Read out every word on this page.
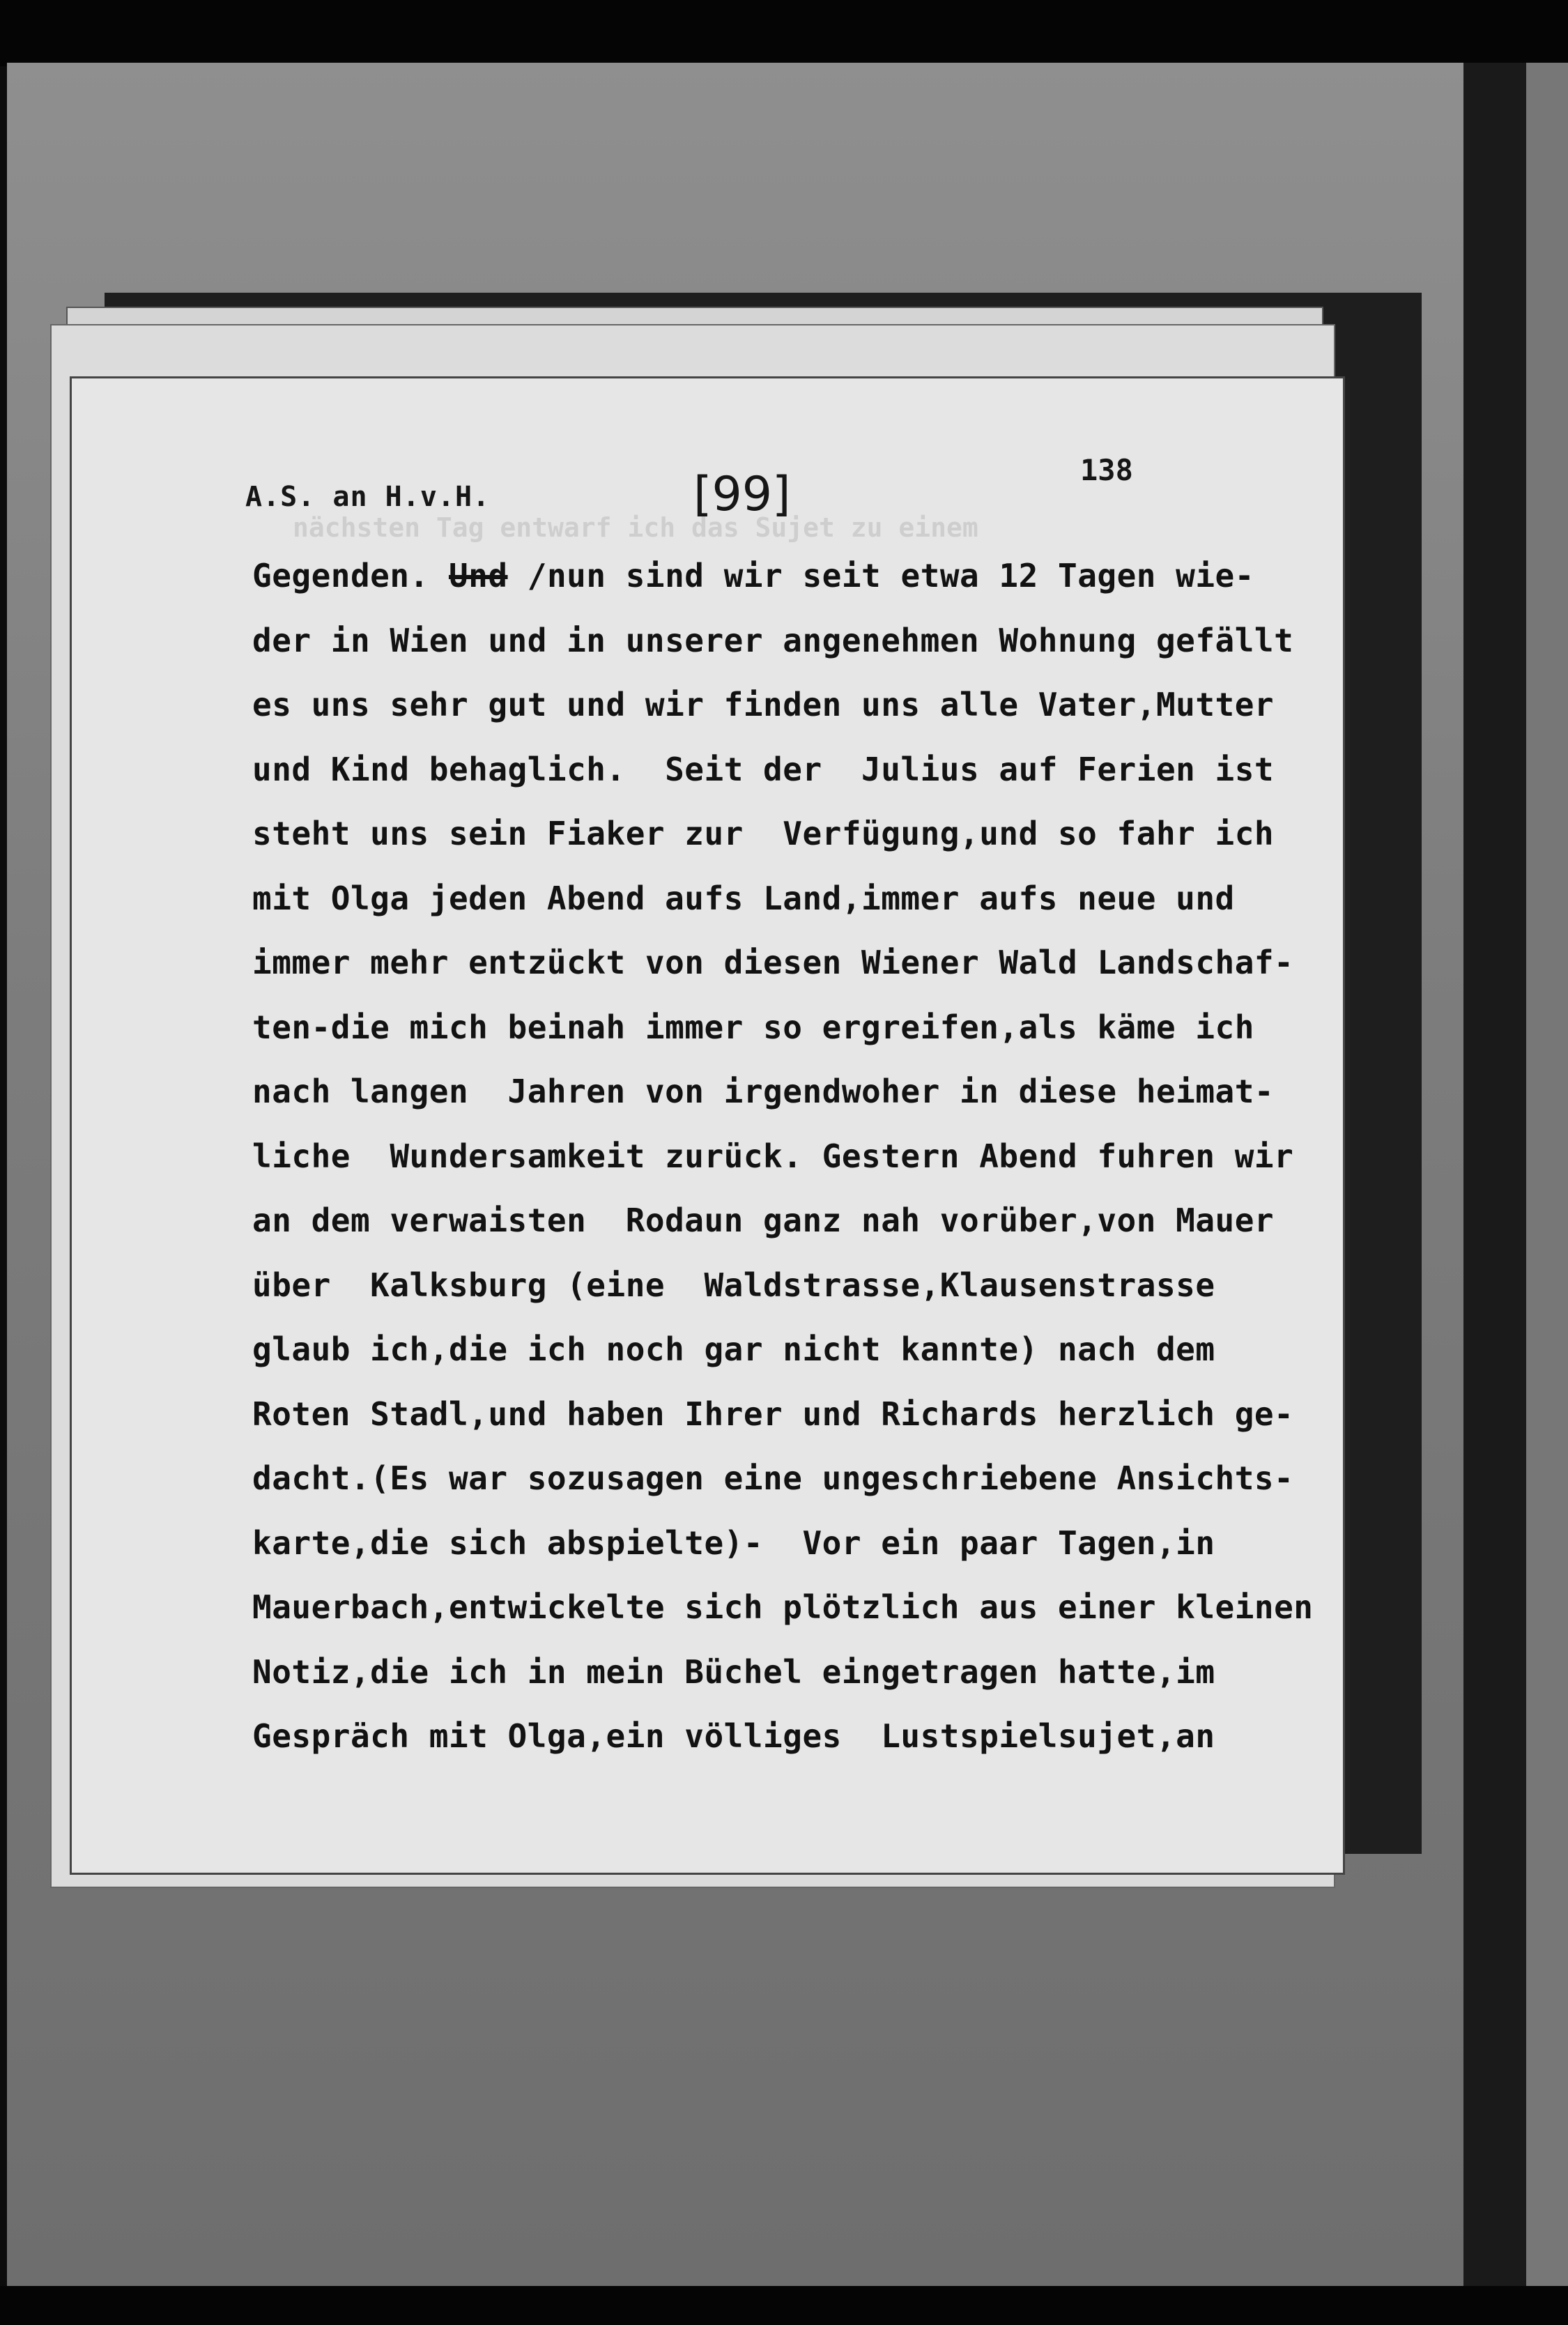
nächsten Tag entwarf ich das Sujet zu einem
A.S. an H.v.H.	[99]	138
Gegenden. Und /nun sind wir seit etwa 12 Tagen wie-
der in Wien und in unserer angenehmen Wohnung gefällt
es uns sehr gut und wir finden uns alle Vater,Mutter
und Kind behaglich.  Seit der  Julius auf Ferien ist
steht uns sein Fiaker zur  Verfügung,und so fahr ich
mit Olga jeden Abend aufs Land,immer aufs neue und
immer mehr entzückt von diesen Wiener Wald Landschaf-
ten-die mich beinah immer so ergreifen,als käme ich
nach langen  Jahren von irgendwoher in diese heimat-
liche  Wundersamkeit zurück. Gestern Abend fuhren wir
an dem verwaisten  Rodaun ganz nah vorüber,von Mauer
über  Kalksburg (eine  Waldstrasse,Klausenstrasse
glaub ich,die ich noch gar nicht kannte) nach dem
Roten Stadl,und haben Ihrer und Richards herzlich ge-
dacht.(Es war sozusagen eine ungeschriebene Ansichts-
karte,die sich abspielte)-  Vor ein paar Tagen,in
Mauerbach,entwickelte sich plötzlich aus einer kleinen
Notiz,die ich in mein Büchel eingetragen hatte,im
Gespräch mit Olga,ein völliges  Lustspielsujet,an
